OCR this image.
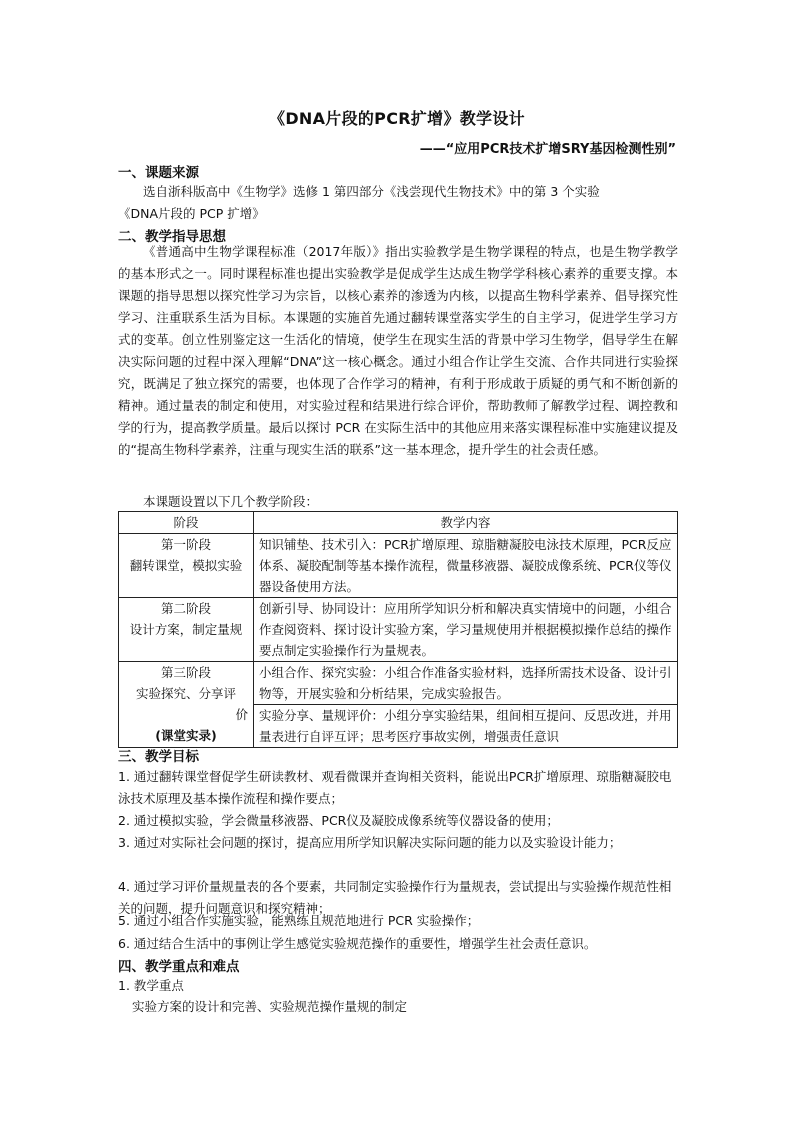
《DNA片段的PCR扩增》教学设计
——“应用PCR技术扩增SRY基因检测性别”
一、课题来源
选自浙科版高中《生物学》选修 1 第四部分《浅尝现代生物技术》中的第 3 个实验
《DNA片段的 PCP 扩增》
二、教学指导思想
《普通高中生物学课程标准（2017年版）》指出实验教学是生物学课程的特点，也是生物学教学的基本形式之一。同时课程标准也提出实验教学是促成学生达成生物学学科核心素养的重要支撑。本课题的指导思想以探究性学习为宗旨，以核心素养的渗透为内核，以提高生物科学素养、倡导探究性学习、注重联系生活为目标。本课题的实施首先通过翻转课堂落实学生的自主学习，促进学生学习方式的变革。创立性别鉴定这一生活化的情境，使学生在现实生活的背景中学习生物学，倡导学生在解决实际问题的过程中深入理解“DNA”这一核心概念。通过小组合作让学生交流、合作共同进行实验探究，既满足了独立探究的需要，也体现了合作学习的精神，有利于形成敢于质疑的勇气和不断创新的精神。通过量表的制定和使用，对实验过程和结果进行综合评价，帮助教师了解教学过程、调控教和学的行为，提高教学质量。最后以探讨 PCR 在实际生活中的其他应用来落实课程标准中实施建议提及的“提高生物科学素养，注重与现实生活的联系”这一基本理念，提升学生的社会责任感。
本课题设置以下几个教学阶段：
阶段	教学内容

第一阶段
翻转课堂，模拟实验	知识铺垫、技术引入：PCR扩增原理、琼脂糖凝胶电泳技术原理，PCR反应体系、凝胶配制等基本操作流程，微量移液器、凝胶成像系统、PCR仪等仪器设备使用方法。

第二阶段
设计方案，制定量规	创新引导、协同设计：应用所学知识分析和解决真实情境中的问题，小组合作查阅资料、探讨设计实验方案，学习量规使用并根据模拟操作总结的操作要点制定实验操作行为量规表。

第三阶段
实验探究、分享评
价
(课堂实录)	小组合作、探究实验：小组合作准备实验材料，选择所需技术设备、设计引物等，开展实验和分析结果，完成实验报告。
	实验分享、量规评价：小组分享实验结果，组间相互提问、反思改进，并用量表进行自评互评；思考医疗事故实例，增强责任意识
三、教学目标
1. 通过翻转课堂督促学生研读教材、观看微课并查询相关资料，能说出PCR扩增原理、琼脂糖凝胶电泳技术原理及基本操作流程和操作要点；
2. 通过模拟实验，学会微量移液器、PCR仪及凝胶成像系统等仪器设备的使用；
3. 通过对实际社会问题的探讨，提高应用所学知识解决实际问题的能力以及实验设计能力；
4. 通过学习评价量规量表的各个要素，共同制定实验操作行为量规表，尝试提出与实验操作规范性相关的问题，提升问题意识和探究精神；
5. 通过小组合作实施实验，能熟练且规范地进行 PCR 实验操作；
6. 通过结合生活中的事例让学生感觉实验规范操作的重要性，增强学生社会责任意识。
四、教学重点和难点
1. 教学重点
实验方案的设计和完善、实验规范操作量规的制定
